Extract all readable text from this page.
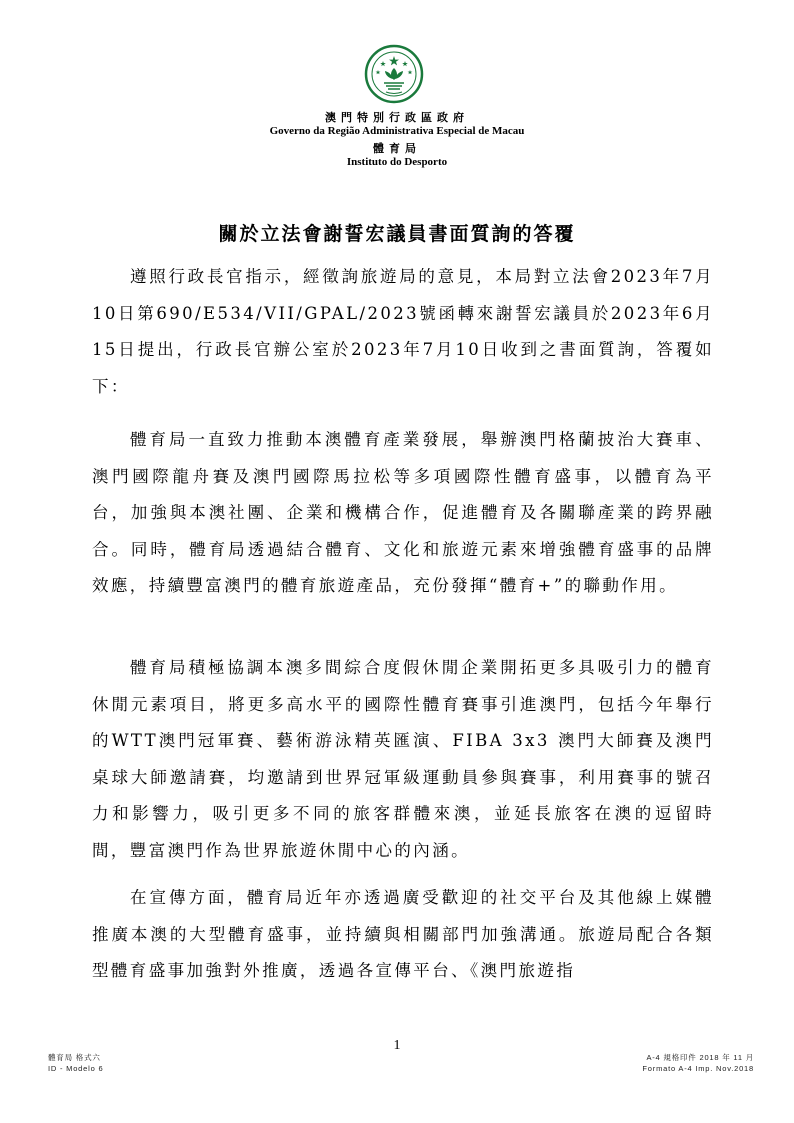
澳門特別行政區政府
Governo da Região Administrativa Especial de Macau
體育局
Instituto do Desporto
關於立法會謝誓宏議員書面質詢的答覆

遵照行政長官指示，經徵詢旅遊局的意見，本局對立法會2023年7月10日第690/E534/VII/GPAL/2023號函轉來謝誓宏議員於2023年6月15日提出，行政長官辦公室於2023年7月10日收到之書面質詢，答覆如下：

體育局一直致力推動本澳體育產業發展，舉辦澳門格蘭披治大賽車、澳門國際龍舟賽及澳門國際馬拉松等多項國際性體育盛事，以體育為平台，加強與本澳社團、企業和機構合作，促進體育及各關聯產業的跨界融合。同時，體育局透過結合體育、文化和旅遊元素來增強體育盛事的品牌效應，持續豐富澳門的體育旅遊產品，充份發揮“體育+”的聯動作用。

體育局積極協調本澳多間綜合度假休閒企業開拓更多具吸引力的體育休閒元素項目，將更多高水平的國際性體育賽事引進澳門，包括今年舉行的WTT澳門冠軍賽、藝術游泳精英匯演、FIBA 3x3 澳門大師賽及澳門桌球大師邀請賽，均邀請到世界冠軍級運動員參與賽事，利用賽事的號召力和影響力，吸引更多不同的旅客群體來澳，並延長旅客在澳的逗留時間，豐富澳門作為世界旅遊休閒中心的內涵。

在宣傳方面，體育局近年亦透過廣受歡迎的社交平台及其他線上媒體推廣本澳的大型體育盛事，並持續與相關部門加強溝通。旅遊局配合各類型體育盛事加強對外推廣，透過各宣傳平台、《澳門旅遊指

1
體育局 格式六
ID - Modelo 6
A-4 規格印件 2018 年 11 月
Formato A-4 Imp. Nov.2018
